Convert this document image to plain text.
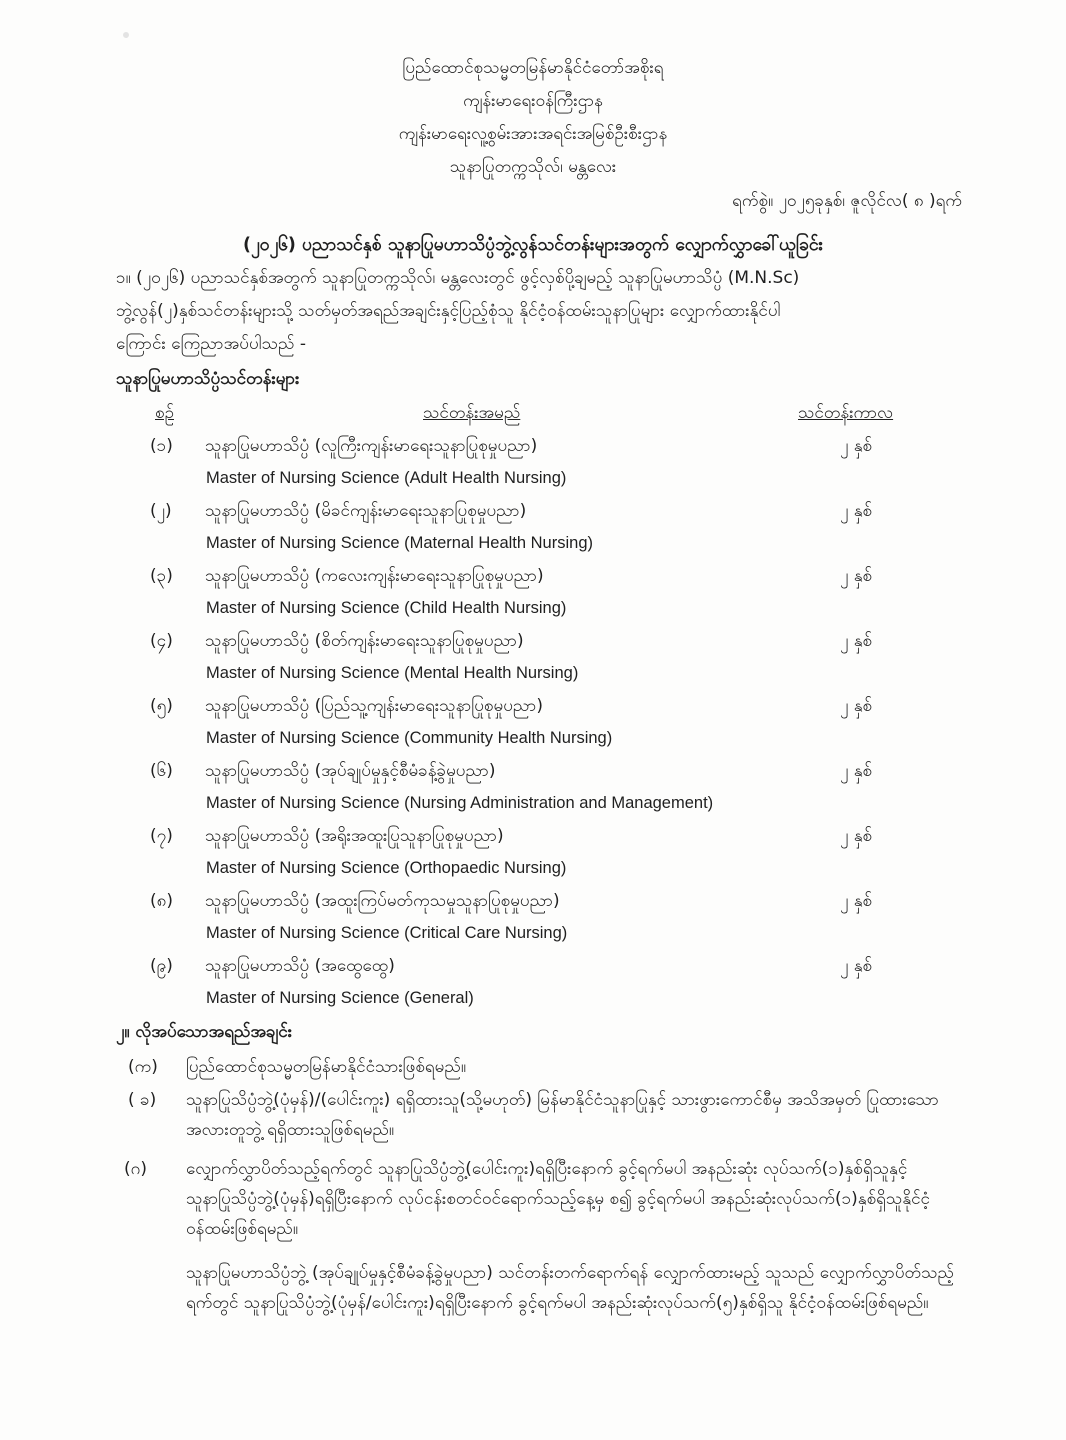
ပြည်ထောင်စုသမ္မတမြန်မာနိုင်ငံတော်အစိုးရ
ကျန်းမာရေးဝန်ကြီးဌာန
ကျန်းမာရေးလူ့စွမ်းအားအရင်းအမြစ်ဦးစီးဌာန
သူနာပြုတက္ကသိုလ်၊ မန္တလေး
ရက်စွဲ။ ၂၀၂၅ခုနှစ်၊ ဇူလိုင်လ( ၈ )ရက်
(၂၀၂၆) ပညာသင်နှစ် သူနာပြုမဟာသိပ္ပံဘွဲ့လွန်သင်တန်းများအတွက် လျှောက်လွှာခေါ်ယူခြင်း
၁။ (၂၀၂၆) ပညာသင်နှစ်အတွက် သူနာပြုတက္ကသိုလ်၊ မန္တလေးတွင် ဖွင့်လှစ်ပို့ချမည့် သူနာပြုမဟာသိပ္ပံ (M.N.Sc)
ဘွဲ့လွန်(၂)နှစ်သင်တန်းများသို့ သတ်မှတ်အရည်အချင်းနှင့်ပြည့်စုံသူ နိုင်ငံ့ဝန်ထမ်းသူနာပြုများ လျှောက်ထားနိုင်ပါ
ကြောင်း ကြေညာအပ်ပါသည် -
သူနာပြုမဟာသိပ္ပံသင်တန်းများ
စဉ်	သင်တန်းအမည်	သင်တန်းကာလ
(၁) သူနာပြုမဟာသိပ္ပံ (လူကြီးကျန်းမာရေးသူနာပြုစုမှုပညာ)
Master of Nursing Science (Adult Health Nursing)
၂ နှစ်
(၂) သူနာပြုမဟာသိပ္ပံ (မိခင်ကျန်းမာရေးသူနာပြုစုမှုပညာ)
Master of Nursing Science (Maternal Health Nursing)
၂ နှစ်
(၃) သူနာပြုမဟာသိပ္ပံ (ကလေးကျန်းမာရေးသူနာပြုစုမှုပညာ)
Master of Nursing Science (Child Health Nursing)
၂ နှစ်
(၄) သူနာပြုမဟာသိပ္ပံ (စိတ်ကျန်းမာရေးသူနာပြုစုမှုပညာ)
Master of Nursing Science (Mental Health Nursing)
၂ နှစ်
(၅) သူနာပြုမဟာသိပ္ပံ (ပြည်သူ့ကျန်းမာရေးသူနာပြုစုမှုပညာ)
Master of Nursing Science (Community Health Nursing)
၂ နှစ်
(၆) သူနာပြုမဟာသိပ္ပံ (အုပ်ချုပ်မှုနှင့်စီမံခန့်ခွဲမှုပညာ)
Master of Nursing Science (Nursing Administration and Management)
၂ နှစ်
(၇) သူနာပြုမဟာသိပ္ပံ (အရိုးအထူးပြုသူနာပြုစုမှုပညာ)
Master of Nursing Science (Orthopaedic Nursing)
၂ နှစ်
(၈) သူနာပြုမဟာသိပ္ပံ (အထူးကြပ်မတ်ကုသမှုသူနာပြုစုမှုပညာ)
Master of Nursing Science (Critical Care Nursing)
၂ နှစ်
(၉) သူနာပြုမဟာသိပ္ပံ (အထွေထွေ)
Master of Nursing Science (General)
၂ နှစ်
၂။ လိုအပ်သောအရည်အချင်း
(က) ပြည်ထောင်စုသမ္မတမြန်မာနိုင်ငံသားဖြစ်ရမည်။
( ခ) သူနာပြုသိပ္ပံဘွဲ့(ပုံမှန်)/(ပေါင်းကူး) ရရှိထားသူ(သို့မဟုတ်) မြန်မာနိုင်ငံသူနာပြုနှင့် သားဖွားကောင်စီမှ အသိအမှတ် ပြုထားသောအလားတူဘွဲ့ ရရှိထားသူဖြစ်ရမည်။
(ဂ) လျှောက်လွှာပိတ်သည့်ရက်တွင် သူနာပြုသိပ္ပံဘွဲ့(ပေါင်းကူး)ရရှိပြီးနောက် ခွင့်ရက်မပါ အနည်းဆုံး လုပ်သက်(၁)နှစ်ရှိသူနှင့် သူနာပြုသိပ္ပံဘွဲ့(ပုံမှန်)ရရှိပြီးနောက် လုပ်ငန်းစတင်ဝင်ရောက်သည့်နေ့မှ စ၍ ခွင့်ရက်မပါ အနည်းဆုံးလုပ်သက်(၁)နှစ်ရှိသူနိုင်ငံ့ဝန်ထမ်းဖြစ်ရမည်။
သူနာပြုမဟာသိပ္ပံဘွဲ့ (အုပ်ချုပ်မှုနှင့်စီမံခန့်ခွဲမှုပညာ) သင်တန်းတက်ရောက်ရန် လျှောက်ထားမည့် သူသည် လျှောက်လွှာပိတ်သည့်ရက်တွင် သူနာပြုသိပ္ပံဘွဲ့(ပုံမှန်/ပေါင်းကူး)ရရှိပြီးနောက် ခွင့်ရက်မပါ အနည်းဆုံးလုပ်သက်(၅)နှစ်ရှိသူ နိုင်ငံ့ဝန်ထမ်းဖြစ်ရမည်။
